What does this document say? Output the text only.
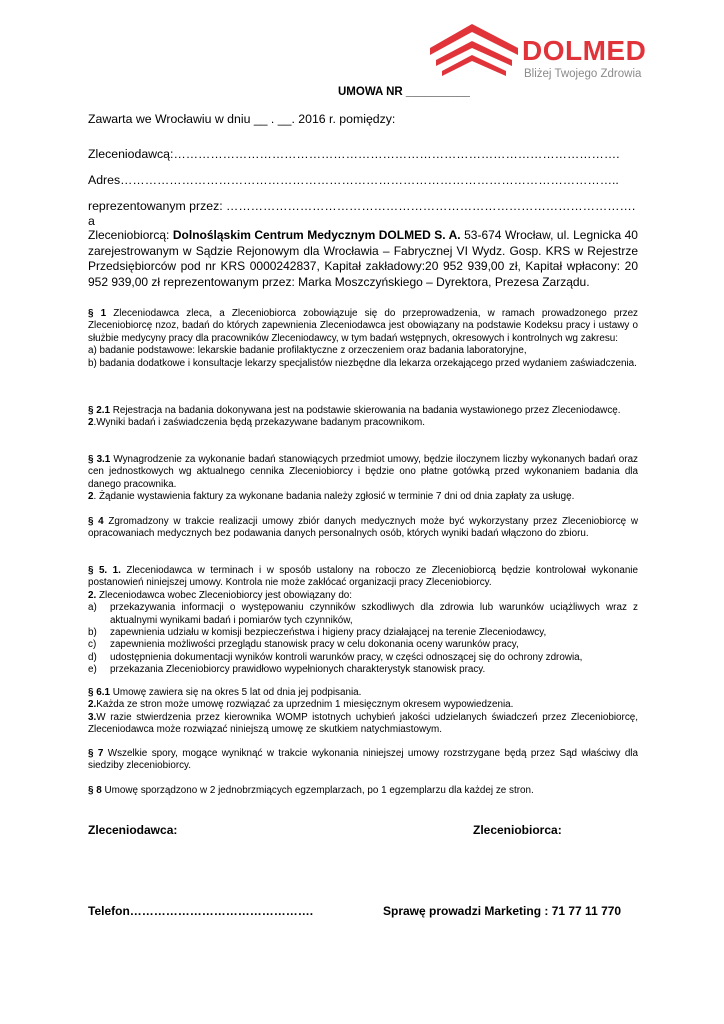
DOLMED
Bliżej Twojego Zdrowia
UMOWA NR __________
Zawarta we Wrocławiu w dniu __ . __. 2016 r. pomiędzy:
Zleceniodawcą:……………………………………………………………………………………………….
Adres…………………………………………………………………………………………………………..
reprezentowanym przez: ……………………………………………………………………………………….
a
Zleceniobiorcą: Dolnośląskim Centrum Medycznym DOLMED S. A. 53-674 Wrocław, ul. Legnicka 40 zarejestrowanym w Sądzie Rejonowym dla Wrocławia – Fabrycznej VI Wydz. Gosp. KRS w Rejestrze Przedsiębiorców pod nr KRS 0000242837, Kapitał zakładowy:20 952 939,00 zł, Kapitał wpłacony: 20 952 939,00 zł reprezentowanym przez: Marka Moszczyńskiego – Dyrektora, Prezesa Zarządu.

§ 1 Zleceniodawca zleca, a Zleceniobiorca zobowiązuje się do przeprowadzenia, w ramach prowadzonego przez Zleceniobiorcę nzoz, badań do których zapewnienia Zleceniodawca jest obowiązany na podstawie Kodeksu pracy i ustawy o służbie medycyny pracy dla pracowników Zleceniodawcy, w tym badań wstępnych, okresowych i kontrolnych wg zakresu:

a) badanie podstawowe: lekarskie badanie profilaktyczne z orzeczeniem oraz badania laboratoryjne,

b) badania dodatkowe i konsultacje lekarzy specjalistów niezbędne dla lekarza orzekającego przed wydaniem zaświadczenia.

§ 2.1 Rejestracja na badania dokonywana jest na podstawie skierowania na badania wystawionego przez Zleceniodawcę.

2.Wyniki badań i zaświadczenia będą przekazywane badanym pracownikom.

§ 3.1 Wynagrodzenie za wykonanie badań stanowiących przedmiot umowy, będzie iloczynem liczby wykonanych badań oraz cen jednostkowych wg aktualnego cennika Zleceniobiorcy i będzie ono płatne gotówką przed wykonaniem badania dla danego pracownika.

2. Żądanie wystawienia faktury za wykonane badania należy zgłosić w terminie 7 dni od dnia zapłaty za usługę.

§ 4 Zgromadzony w trakcie realizacji umowy zbiór danych medycznych może być wykorzystany przez Zleceniobiorcę w opracowaniach medycznych bez podawania danych personalnych osób, których wyniki badań włączono do zbioru.

§ 5. 1. Zleceniodawca w terminach i w sposób ustalony na roboczo ze Zleceniobiorcą będzie kontrolował wykonanie postanowień niniejszej umowy. Kontrola nie może zakłócać organizacji pracy Zleceniobiorcy.

2. Zleceniodawca wobec Zleceniobiorcy jest obowiązany do:
a) przekazywania informacji o występowaniu czynników szkodliwych dla zdrowia lub warunków uciążliwych wraz z aktualnymi wynikami badań i pomiarów tych czynników,
b) zapewnienia udziału w komisji bezpieczeństwa i higieny pracy działającej na terenie Zleceniodawcy,
c) zapewnienia możliwości przeglądu stanowisk pracy w celu dokonania oceny warunków pracy,
d) udostępnienia dokumentacji wyników kontroli warunków pracy, w części odnoszącej się do ochrony zdrowia,
e) przekazania Zleceniobiorcy prawidłowo wypełnionych charakterystyk stanowisk pracy.
§ 6.1 Umowę zawiera się na okres 5 lat od dnia jej podpisania.
2.Każda ze stron może umowę rozwiązać za uprzednim 1 miesięcznym okresem wypowiedzenia.

3.W razie stwierdzenia przez kierownika WOMP istotnych uchybień jakości udzielanych świadczeń przez Zleceniobiorcę, Zleceniodawca może rozwiązać niniejszą umowę ze skutkiem natychmiastowym.

§ 7 Wszelkie spory, mogące wyniknąć w trakcie wykonania niniejszej umowy rozstrzygane będą przez Sąd właściwy dla siedziby zleceniobiorcy.

§ 8 Umowę sporządzono w 2 jednobrzmiących egzemplarzach, po 1 egzemplarzu dla każdej ze stron.

Zleceniodawca:	Zleceniobiorca:
Telefon……………………………………….	Sprawę prowadzi Marketing : 71 77 11 770
